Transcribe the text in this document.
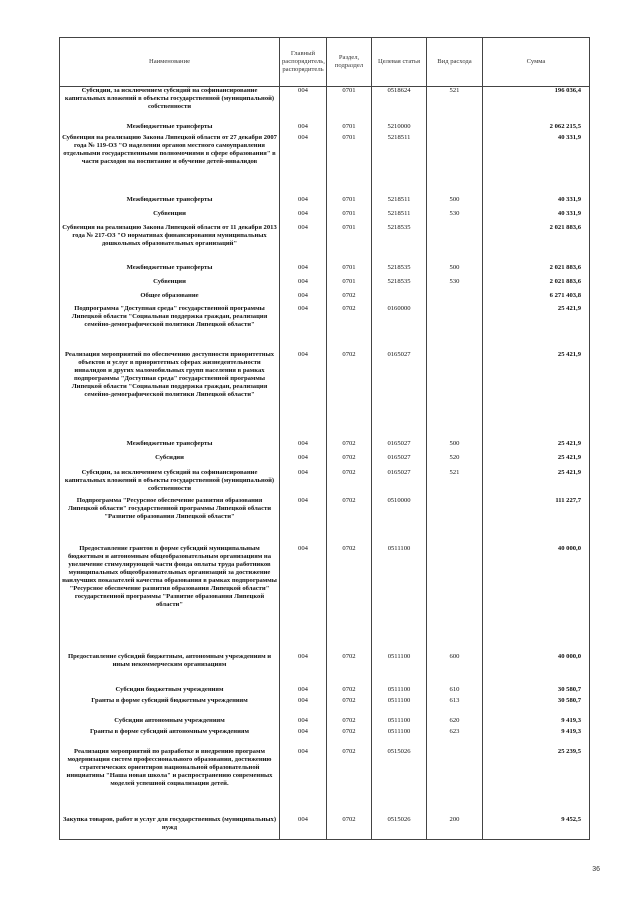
Наименование	Главный распорядитель, распорядитель	Раздел, подраздел	Целевая статья	Вид расхода	Сумма
Субсидии, за исключением субсидий на софинансирование капитальных вложений в объекты государственной (муниципальной) собственности	004	0701	0518624	521	196 036,4
Межбюджетные трансферты	004	0701	5210000		2 062 215,5
Субвенция на реализацию Закона Липецкой области от 27 декабря 2007 года № 119-ОЗ "О наделении органов местного самоуправления отдельными государственными полномочиями в сфере образования" в части расходов на воспитание и обучение детей-инвалидов	004	0701	5218511		40 331,9
Межбюджетные трансферты	004	0701	5218511	500	40 331,9
Субвенции	004	0701	5218511	530	40 331,9
Субвенция на реализацию Закона Липецкой области от 11 декабря 2013 года № 217-ОЗ "О нормативах финансирования муниципальных дошкольных образовательных организаций"	004	0701	5218535		2 021 883,6
Межбюджетные трансферты	004	0701	5218535	500	2 021 883,6
Субвенции	004	0701	5218535	530	2 021 883,6
Общее образование	004	0702			6 271 403,8
Подпрограмма "Доступная среда" государственной программы Липецкой области "Социальная поддержка граждан, реализация семейно-демографической политики Липецкой области"	004	0702	0160000		25 421,9
Реализация мероприятий по обеспечению доступности приоритетных объектов и услуг в приоритетных сферах жизнедеятельности инвалидов и других маломобильных групп населения в рамках подпрограммы "Доступная среда" государственной программы Липецкой области "Социальная поддержка граждан, реализация семейно-демографической политики Липецкой области"	004	0702	0165027		25 421,9
Межбюджетные трансферты	004	0702	0165027	500	25 421,9
Субсидии	004	0702	0165027	520	25 421,9
Субсидии, за исключением субсидий на софинансирование капитальных вложений в объекты государственной (муниципальной) собственности	004	0702	0165027	521	25 421,9
Подпрограмма "Ресурсное обеспечение развития образования Липецкой области" государственной программы Липецкой области "Развитие образования Липецкой области"	004	0702	0510000		111 227,7
Предоставление грантов в форме субсидий муниципальным бюджетным и автономным общеобразовательным организациям на увеличение стимулирующей части фонда оплаты труда работников муниципальных общеобразовательных организаций за достижение наилучших показателей качества образования в рамках подпрограммы "Ресурсное обеспечение развития образования Липецкой области" государственной программы "Развитие образования Липецкой области"	004	0702	0511100		40 000,0
Предоставление субсидий бюджетным, автономным учреждениям и иным некоммерческим организациям	004	0702	0511100	600	40 000,0
Субсидии бюджетным учреждениям	004	0702	0511100	610	30 580,7
Гранты в форме субсидий бюджетным учреждениям	004	0702	0511100	613	30 580,7
Субсидии автономным учреждениям	004	0702	0511100	620	9 419,3
Гранты в форме субсидий автономным учреждениям	004	0702	0511100	623	9 419,3
Реализация мероприятий по разработке и внедрению программ модернизации систем профессионального образования, достижению стратегических ориентиров национальной образовательной инициативы "Наша новая школа" и распространению современных моделей успешной социализации детей.	004	0702	0515026		25 239,5
Закупка товаров, работ и услуг для государственных (муниципальных) нужд	004	0702	0515026	200	9 452,5
36
